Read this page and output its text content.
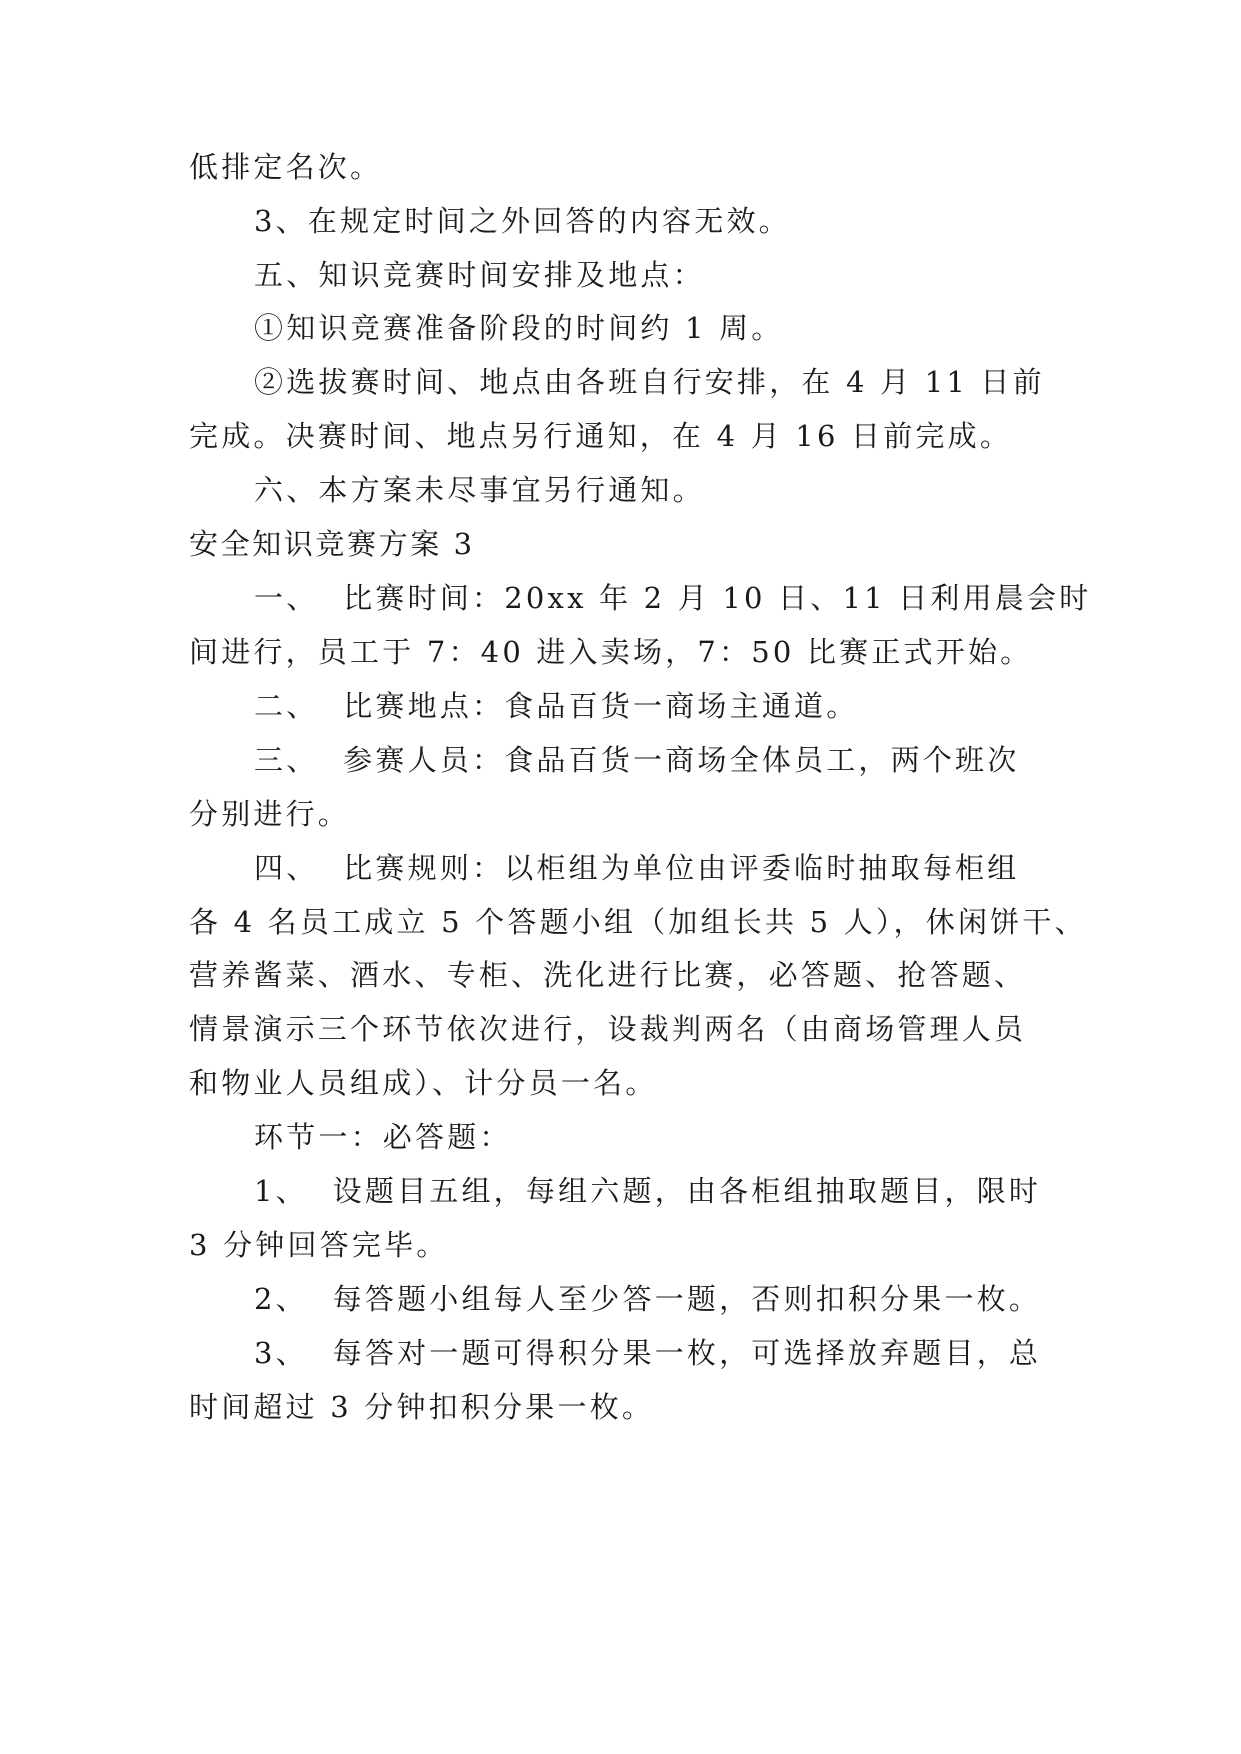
低排定名次。
3、在规定时间之外回答的内容无效。
五、知识竞赛时间安排及地点：
①知识竞赛准备阶段的时间约 1 周。
②选拔赛时间、地点由各班自行安排，在 4 月 11 日前
完成。决赛时间、地点另行通知，在 4 月 16 日前完成。
六、本方案未尽事宜另行通知。
安全知识竞赛方案 3
一、  比赛时间：20xx 年 2 月 10 日、11 日利用晨会时
间进行，员工于 7：40 进入卖场，7：50 比赛正式开始。
二、  比赛地点：食品百货一商场主通道。
三、  参赛人员：食品百货一商场全体员工，两个班次
分别进行。
四、  比赛规则：以柜组为单位由评委临时抽取每柜组
各 4 名员工成立 5 个答题小组（加组长共 5 人），休闲饼干、
营养酱菜、酒水、专柜、洗化进行比赛，必答题、抢答题、
情景演示三个环节依次进行，设裁判两名（由商场管理人员
和物业人员组成）、计分员一名。
环节一：必答题：
1、  设题目五组，每组六题，由各柜组抽取题目，限时
3 分钟回答完毕。
2、  每答题小组每人至少答一题，否则扣积分果一枚。
3、  每答对一题可得积分果一枚，可选择放弃题目，总
时间超过 3 分钟扣积分果一枚。
